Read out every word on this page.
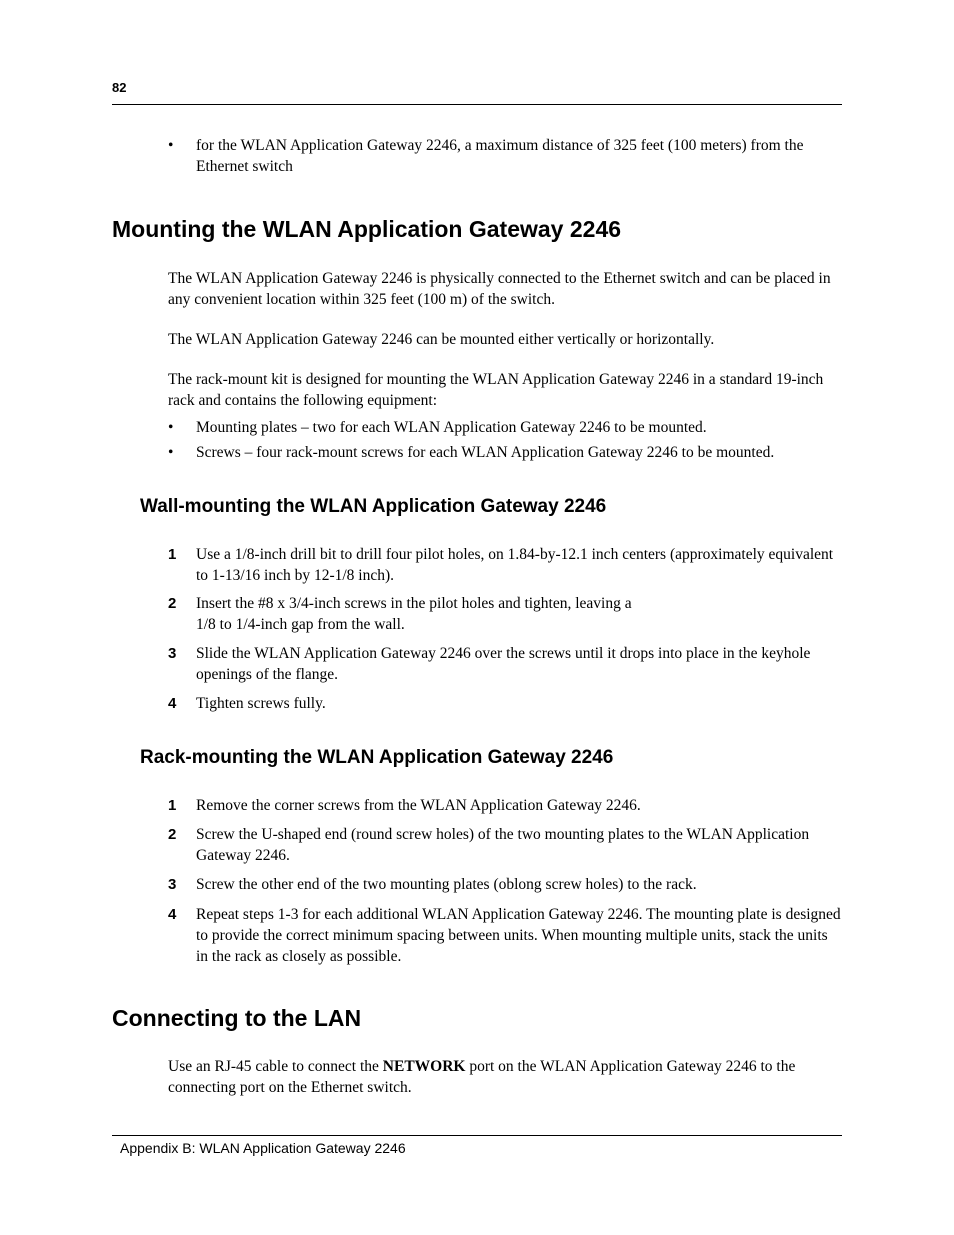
82
• for the WLAN Application Gateway 2246, a maximum distance of 325 feet (100 meters) from the Ethernet switch
Mounting the WLAN Application Gateway 2246
The WLAN Application Gateway 2246 is physically connected to the Ethernet switch and can be placed in any convenient location within 325 feet (100 m) of the switch.
The WLAN Application Gateway 2246 can be mounted either vertically or horizontally.
The rack-mount kit is designed for mounting the WLAN Application Gateway 2246 in a standard 19-inch rack and contains the following equipment:
• Mounting plates – two for each WLAN Application Gateway 2246 to be mounted.
• Screws – four rack-mount screws for each WLAN Application Gateway 2246 to be mounted.
Wall-mounting the WLAN Application Gateway 2246
1 Use a 1/8-inch drill bit to drill four pilot holes, on 1.84-by-12.1 inch centers (approximately equivalent to 1-13/16 inch by 12-1/8 inch).
2 Insert the #8 x 3/4-inch screws in the pilot holes and tighten, leaving a
1/8 to 1/4-inch gap from the wall.
3 Slide the WLAN Application Gateway 2246 over the screws until it drops into place in the keyhole openings of the flange.
4 Tighten screws fully.
Rack-mounting the WLAN Application Gateway 2246
1 Remove the corner screws from the WLAN Application Gateway 2246.
2 Screw the U-shaped end (round screw holes) of the two mounting plates to the WLAN Application Gateway 2246.
3 Screw the other end of the two mounting plates (oblong screw holes) to the rack.
4 Repeat steps 1-3 for each additional WLAN Application Gateway 2246. The mounting plate is designed to provide the correct minimum spacing between units. When mounting multiple units, stack the units in the rack as closely as possible.
Connecting to the LAN
Use an RJ-45 cable to connect the NETWORK port on the WLAN Application Gateway 2246 to the connecting port on the Ethernet switch.
Appendix B: WLAN Application Gateway 2246
